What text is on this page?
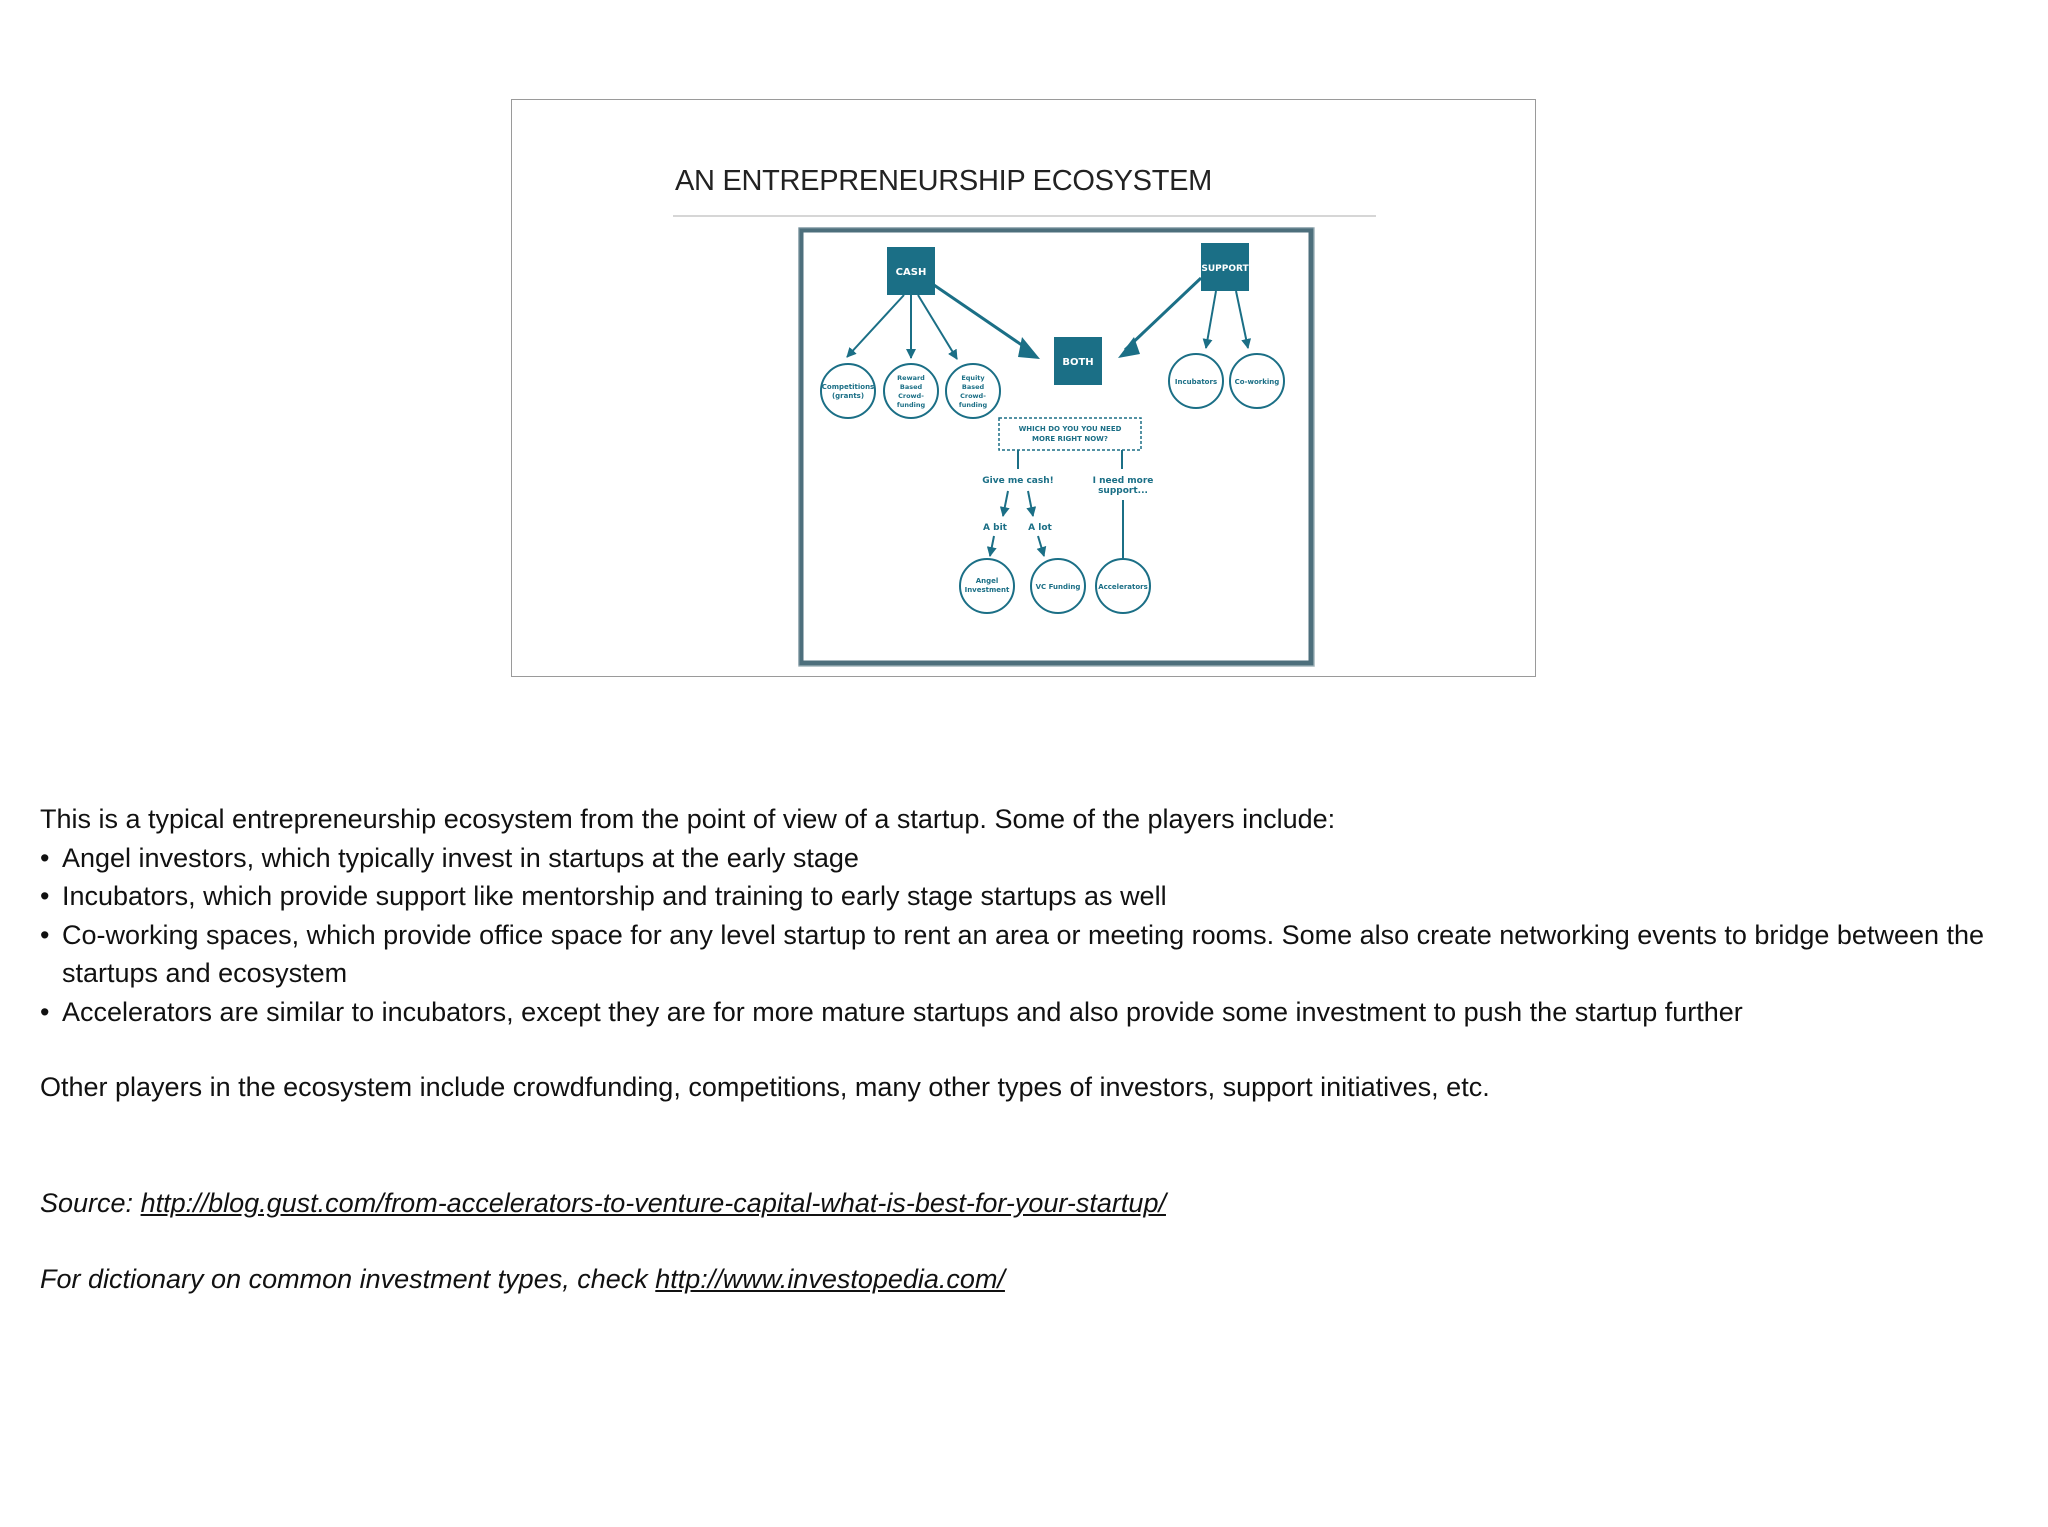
AN ENTREPRENEURSHIP ECOSYSTEM
CASH	SUPPORT
BOTH
Competitions
(grants)
Reward
Based
Crowd-
funding
Equity
Based
Crowd-
funding
Incubators	Co-working
WHICH DO YOU YOU NEED
MORE RIGHT NOW?
Give me cash!	I need more
support...
A bit A lot
Angel
Investment	VC Funding	Accelerators

This is a typical entrepreneurship ecosystem from the point of view of a startup. Some of the players include:

• Angel investors, which typically invest in startups at the early stage
• Incubators, which provide support like mentorship and training to early stage startups as well
• Co-working spaces, which provide office space for any level startup to rent an area or meeting rooms. Some also create networking events to bridge between the startups and ecosystem
• Accelerators are similar to incubators, except they are for more mature startups and also provide some investment to push the startup further

Other players in the ecosystem include crowdfunding, competitions, many other types of investors, support initiatives, etc.

Source: http://blog.gust.com/from-accelerators-to-venture-capital-what-is-best-for-your-startup/

For dictionary on common investment types, check http://www.investopedia.com/
